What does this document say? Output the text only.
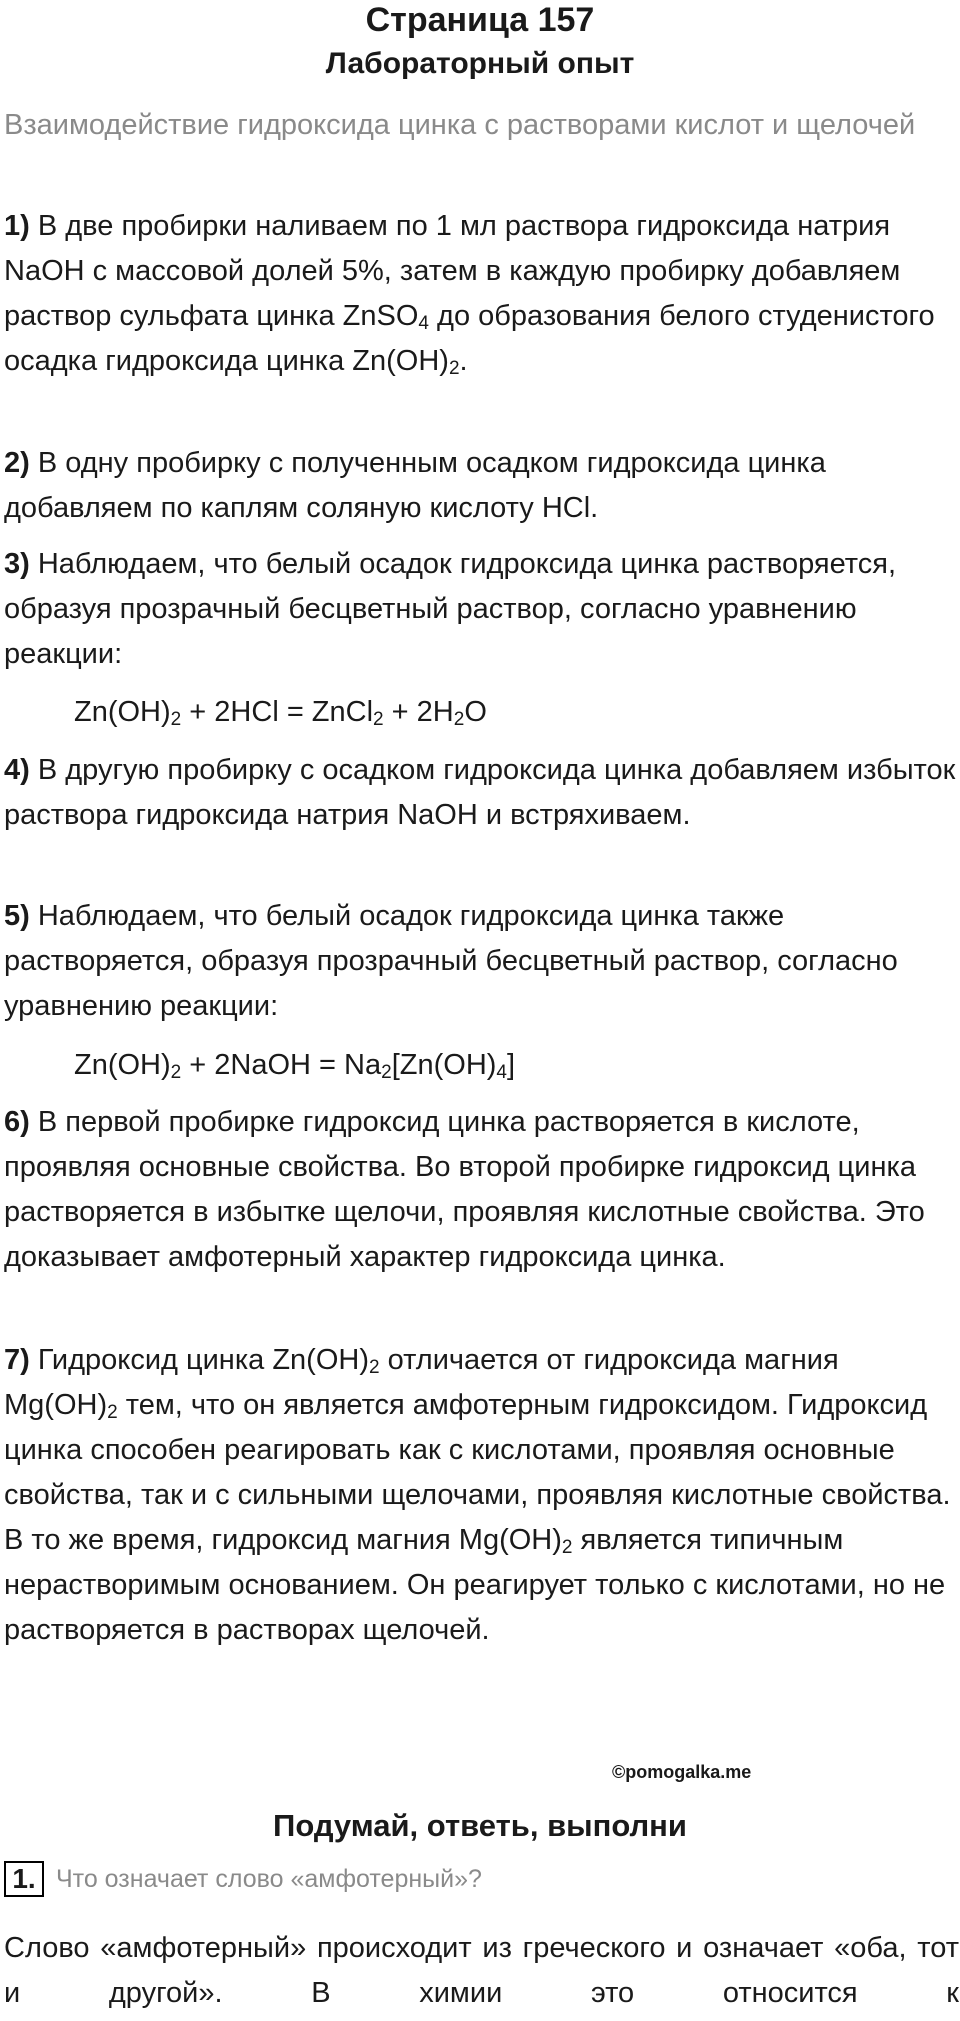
Страница 157
Лабораторный опыт
Взаимодействие гидроксида цинка с растворами кислот и щелочей
1) В две пробирки наливаем по 1 мл раствора гидроксида натрия NaOH с массовой долей 5%, затем в каждую пробирку добавляем раствор сульфата цинка ZnSO$_4$ до образования белого студенистого осадка гидроксида цинка $Zn(OH)_2$.
2) В одну пробирку с полученным осадком гидроксида цинка добавляем по каплям соляную кислоту HCl.
3) Наблюдаем, что белый осадок гидроксида цинка растворяется, образуя прозрачный бесцветный раствор, согласно уравнению реакции:
$Zn(OH)_2 + 2HCl$ = ZnCl$_2$ + $2H_2O$
4) В другую пробирку с осадком гидроксида цинка добавляем избыток раствора гидроксида натрия NaOH и встряхиваем.
5) Наблюдаем, что белый осадок гидроксида цинка также растворяется, образуя прозрачный бесцветный раствор, согласно уравнению реакции:
$Zn(OH)_2$ + 2NaOH = $Na_2[Zn(OH)_4]$
6) В первой пробирке гидроксид цинка растворяется в кислоте, проявляя основные свойства. Во второй пробирке гидроксид цинка растворяется в избытке щелочи, проявляя кислотные свойства. Это доказывает амфотерный характер гидроксида цинка.
7) Гидроксид цинка $Zn(OH)_2$ отличается от гидроксида магния $Mg(OH)_2$ тем, что он является амфотерным гидроксидом. Гидроксид цинка способен реагировать как с кислотами, проявляя основные свойства, так и с сильными щелочами, проявляя кислотные свойства. В то же время, гидроксид магния $Mg(OH)_2$ является типичным нерастворимым основанием. Он реагирует только с кислотами, но не растворяется в растворах щелочей.
©pomogalka.me
Подумай, ответь, выполни
1. Что означает слово «амфотерный»?
Слово «амфотерный» происходит из греческого и означает «оба, тот и другой». В химии это относится к
